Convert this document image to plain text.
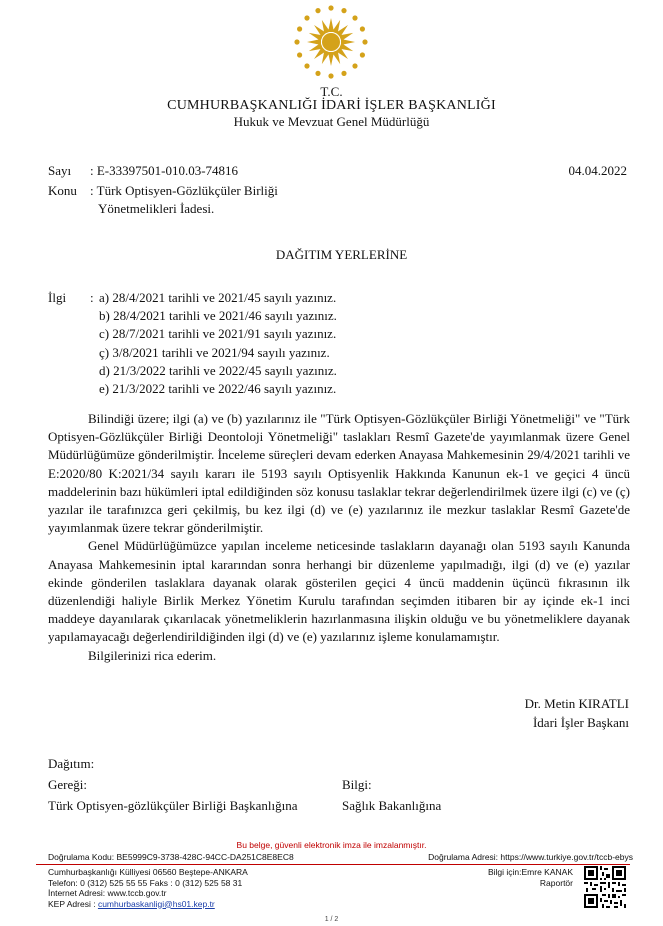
T.C.
CUMHURBAŞKANLIĞI İDARİ İŞLER BAŞKANLIĞI
Hukuk ve Mevzuat Genel Müdürlüğü
Sayı : E-33397501-010.03-74816	04.04.2022
Konu : Türk Optisyen-Gözlükçüler Birliği
Yönetmelikleri İadesi.
DAĞITIM YERLERİNE
İlgi : a) 28/4/2021 tarihli ve 2021/45 sayılı yazınız.
b) 28/4/2021 tarihli ve 2021/46 sayılı yazınız.
c) 28/7/2021 tarihli ve 2021/91 sayılı yazınız.
ç) 3/8/2021 tarihli ve 2021/94 sayılı yazınız.
d) 21/3/2022 tarihli ve 2022/45 sayılı yazınız.
e) 21/3/2022 tarihli ve 2022/46 sayılı yazınız.

Bilindiği üzere; ilgi (a) ve (b) yazılarınız ile "Türk Optisyen-Gözlükçüler Birliği Yönetmeliği" ve "Türk Optisyen-Gözlükçüler Birliği Deontoloji Yönetmeliği" taslakları Resmî Gazete'de yayımlanmak üzere Genel Müdürlüğümüze gönderilmiştir. İnceleme süreçleri devam ederken Anayasa Mahkemesinin 29/4/2021 tarihli ve E:2020/80 K:2021/34 sayılı kararı ile 5193 sayılı Optisyenlik Hakkında Kanunun ek-1 ve geçici 4 üncü maddelerinin bazı hükümleri iptal edildiğinden söz konusu taslaklar tekrar değerlendirilmek üzere ilgi (c) ve (ç) yazılar ile tarafınızca geri çekilmiş, bu kez ilgi (d) ve (e) yazılarınız ile mezkur taslaklar Resmî Gazete'de yayımlanmak üzere tekrar gönderilmiştir.

Genel Müdürlüğümüzce yapılan inceleme neticesinde taslakların dayanağı olan 5193 sayılı Kanunda Anayasa Mahkemesinin iptal kararından sonra herhangi bir düzenleme yapılmadığı, ilgi (d) ve (e) yazılar ekinde gönderilen taslaklara dayanak olarak gösterilen geçici 4 üncü maddenin üçüncü fıkrasının ilk düzenlendiği haliyle Birlik Merkez Yönetim Kurulu tarafından seçimden itibaren bir ay içinde ek-1 inci maddeye dayanılarak çıkarılacak yönetmeliklerin hazırlanmasına ilişkin olduğu ve bu yönetmeliklere dayanak yapılamayacağı değerlendirildiğinden ilgi (d) ve (e) yazılarınız işleme konulamamıştır.

Bilgilerinizi rica ederim.

Dr. Metin KIRATLI
İdari İşler Başkanı
Dağıtım:
Gereği:
Türk Optisyen-gözlükçüler Birliği Başkanlığına
Bilgi:
Sağlık Bakanlığına
Bu belge, güvenli elektronik imza ile imzalanmıştır.
Doğrulama Kodu: BE5999C9-3738-428C-94CC-DA251C8E8EC8	Doğrulama Adresi: https://www.turkiye.gov.tr/tccb-ebys
Cumhurbaşkanlığı Külliyesi 06560 Beştepe-ANKARA
Telefon: 0 (312) 525 55 55 Faks : 0 (312) 525 58 31
İnternet Adresi: www.tccb.gov.tr
KEP Adresi : cumhurbaskanligi@hs01.kep.tr
Bilgi için:Emre KANAK
Raportör
1 / 2
